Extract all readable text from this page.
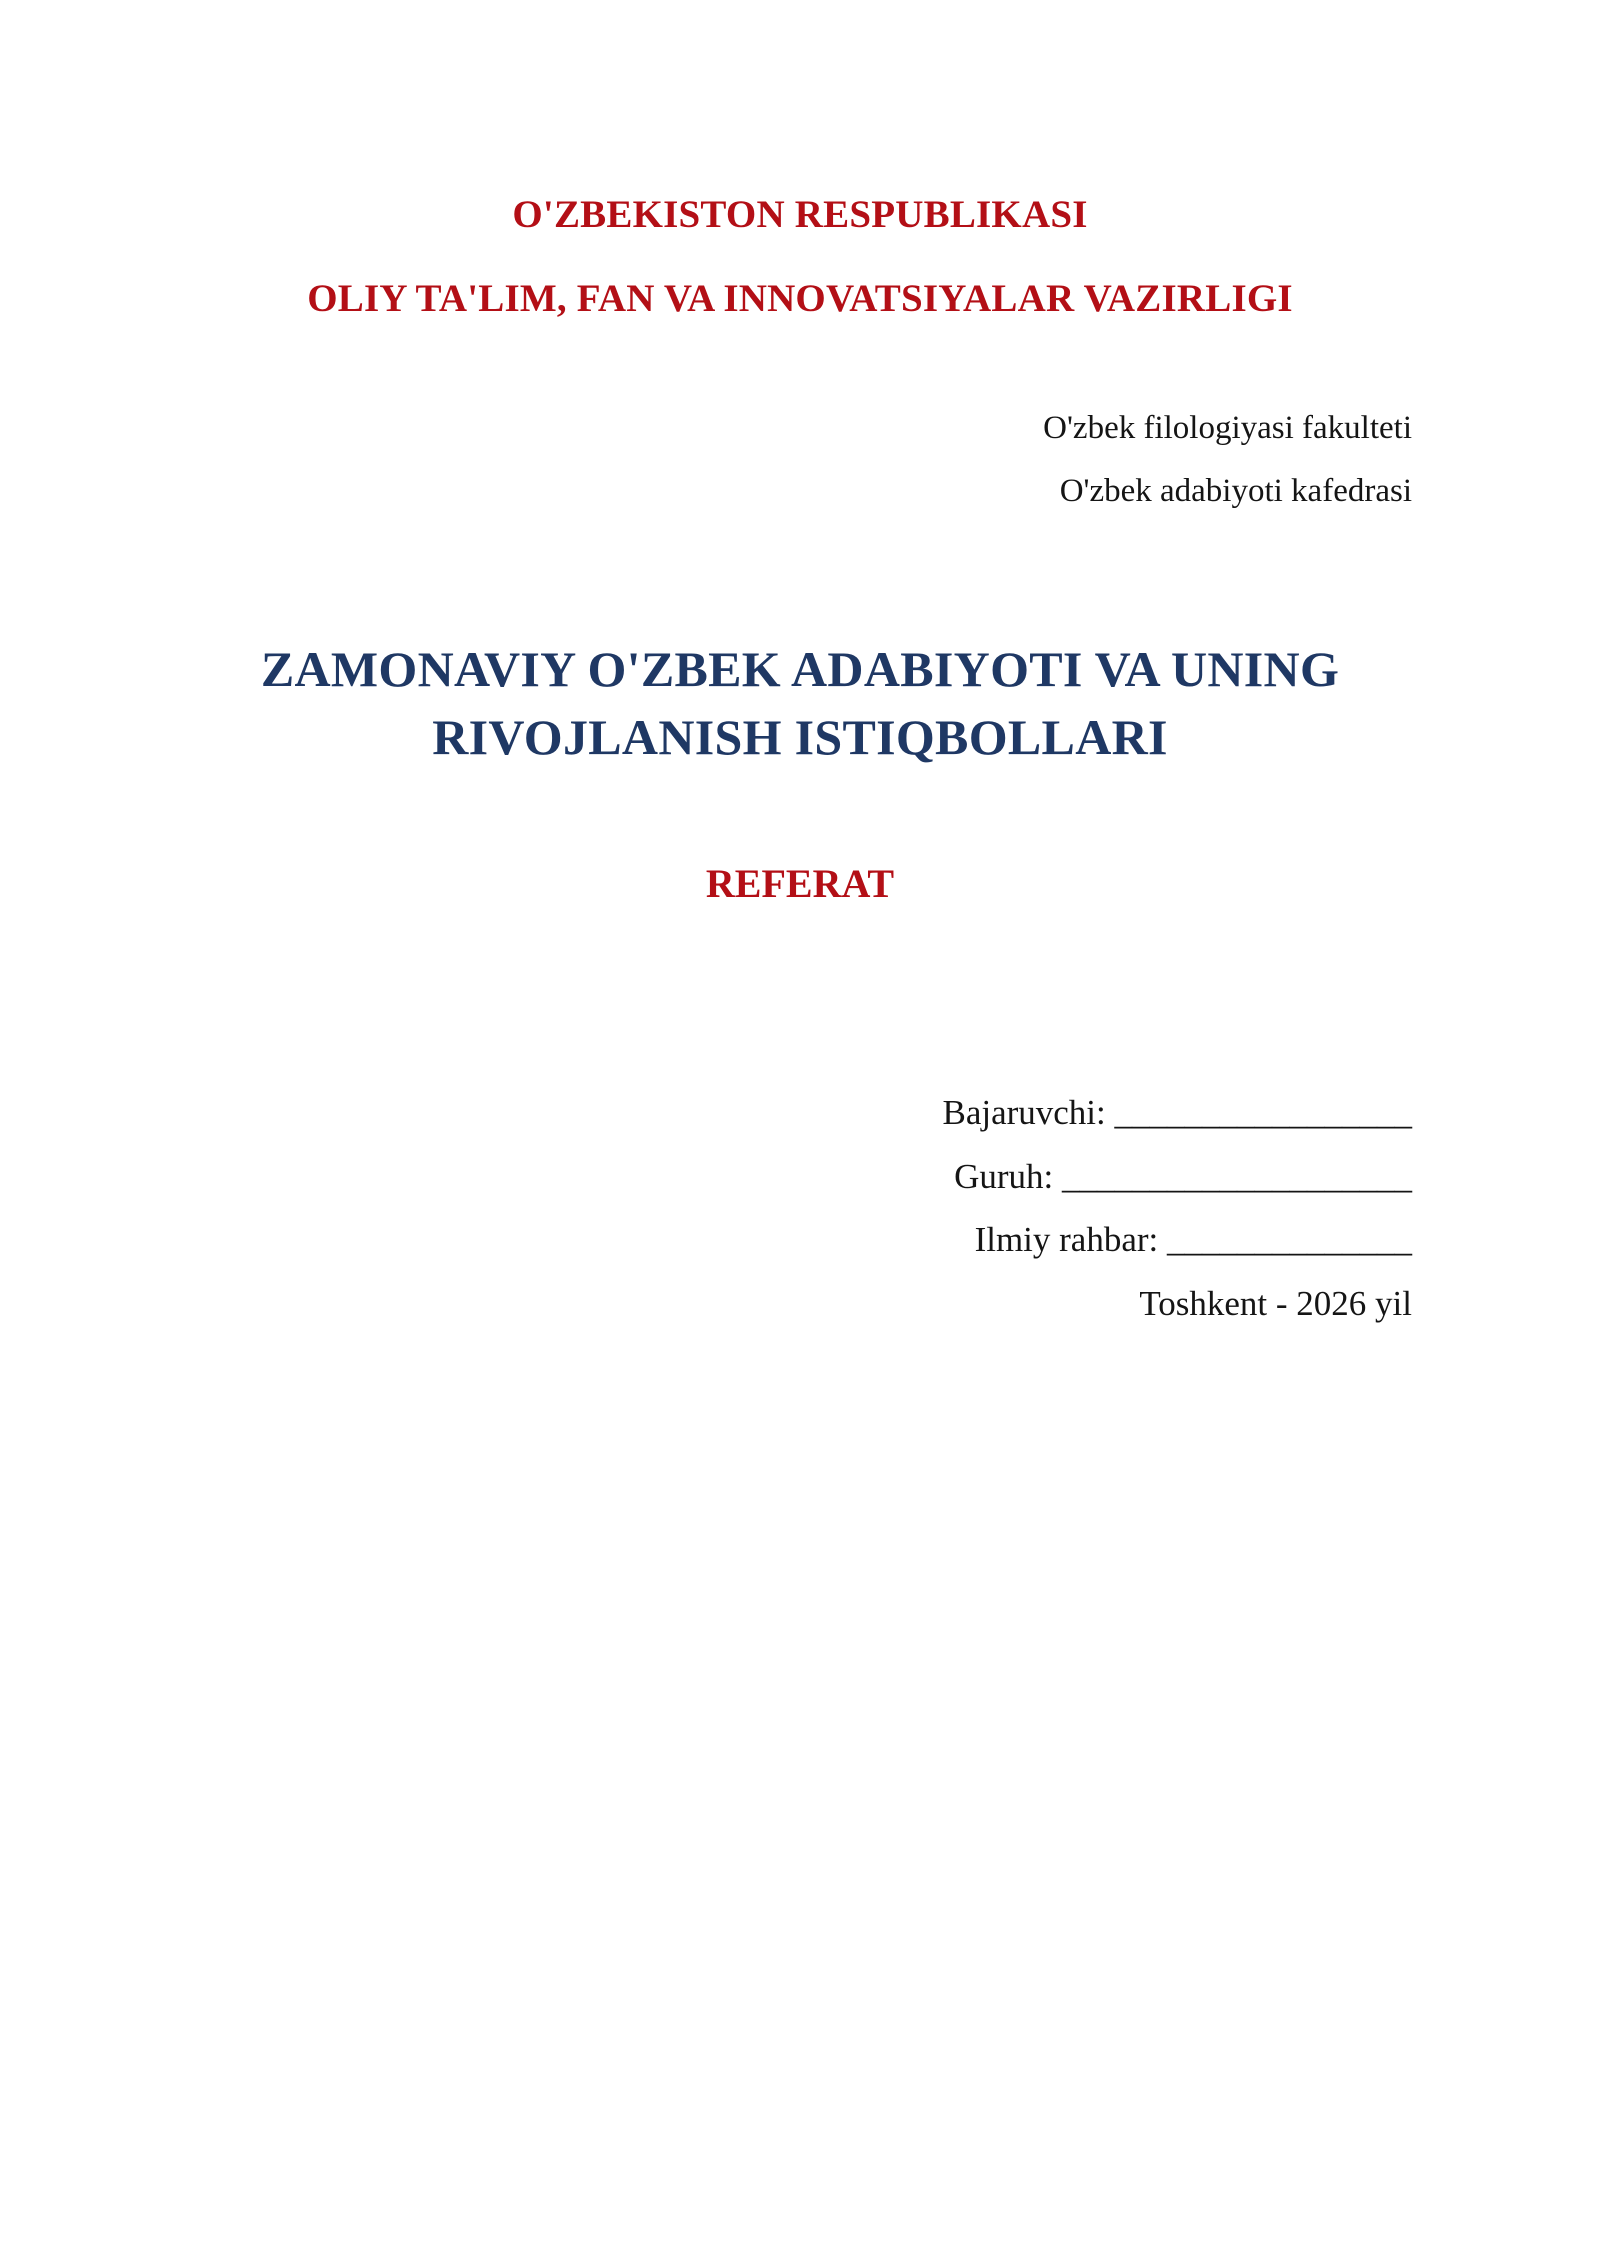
O'ZBEKISTON RESPUBLIKASI
OLIY TA'LIM, FAN VA INNOVATSIYALAR VAZIRLIGI
O'zbek filologiyasi fakulteti
O'zbek adabiyoti kafedrasi
ZAMONAVIY O'ZBEK ADABIYOTI VA UNING
RIVOJLANISH ISTIQBOLLARI
REFERAT
Bajaruvchi: _________________
Guruh: ____________________
Ilmiy rahbar: ______________
Toshkent - 2026 yil
